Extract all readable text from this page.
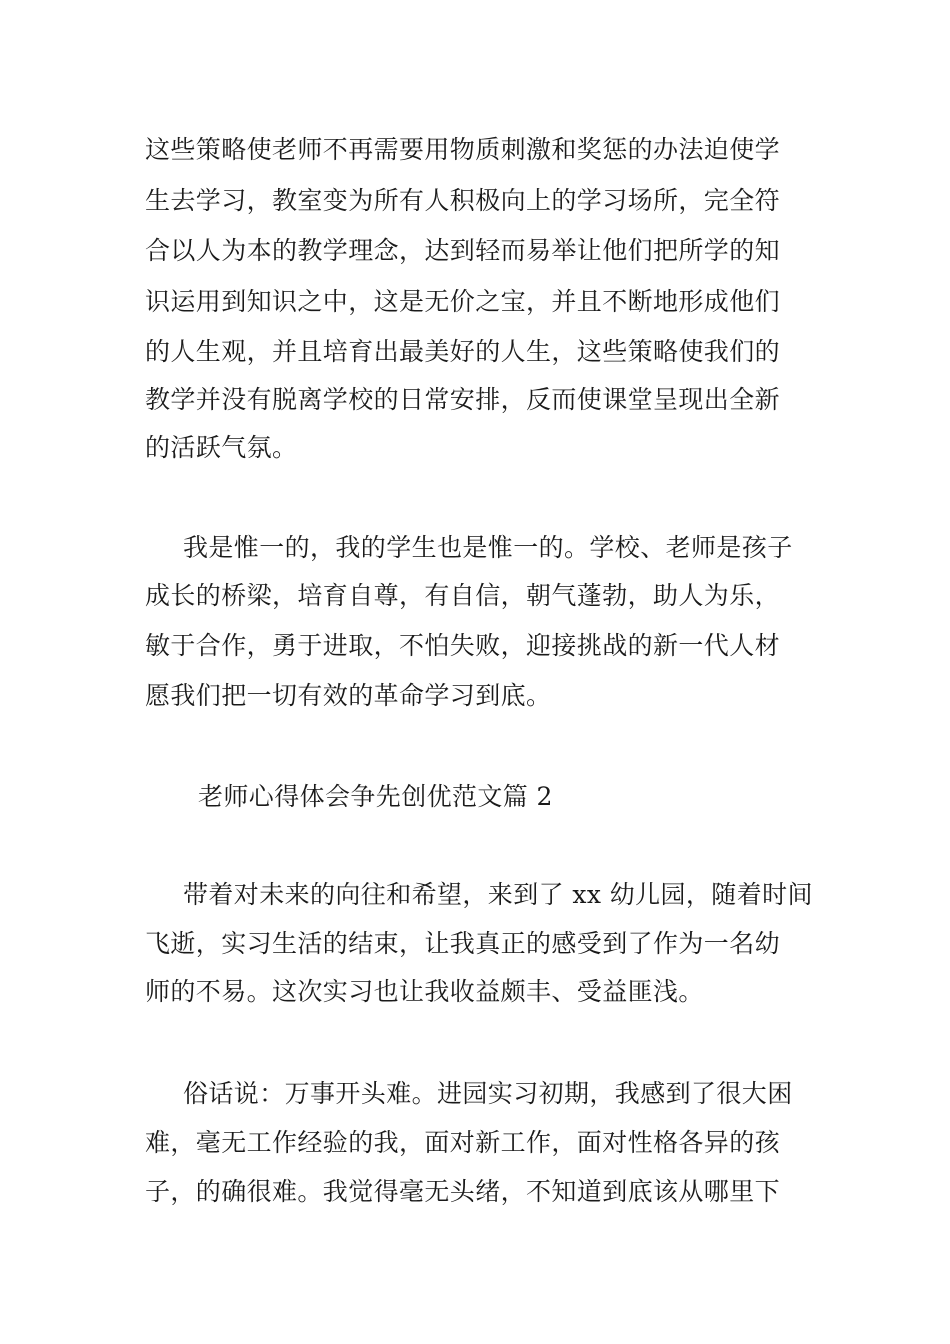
这些策略使老师不再需要用物质刺激和奖惩的办法迫使学
生去学习，教室变为所有人积极向上的学习场所，完全符
合以人为本的教学理念，达到轻而易举让他们把所学的知
识运用到知识之中，这是无价之宝，并且不断地形成他们
的人生观，并且培育出最美好的人生，这些策略使我们的
教学并没有脱离学校的日常安排，反而使课堂呈现出全新
的活跃气氛。
我是惟一的，我的学生也是惟一的。学校、老师是孩子
成长的桥梁，培育自尊，有自信，朝气蓬勃，助人为乐，
敏于合作，勇于进取，不怕失败，迎接挑战的新一代人材
愿我们把一切有效的革命学习到底。
老师心得体会争先创优范文篇 2
带着对未来的向往和希望，来到了 xx 幼儿园，随着时间
飞逝，实习生活的结束，让我真正的感受到了作为一名幼
师的不易。这次实习也让我收益颇丰、受益匪浅。
俗话说：万事开头难。进园实习初期，我感到了很大困
难，毫无工作经验的我，面对新工作，面对性格各异的孩
子，的确很难。我觉得毫无头绪，不知道到底该从哪里下
